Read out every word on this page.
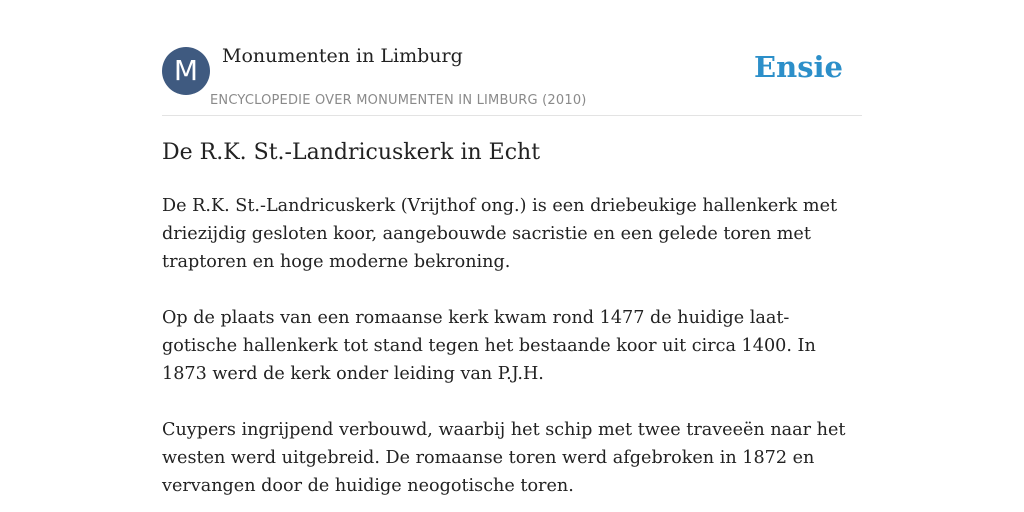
M	Monumenten in Limburg
ENCYCLOPEDIE OVER MONUMENTEN IN LIMBURG (2010)
Ensie
De R.K. St.-Landricuskerk in Echt

De R.K. St.-Landricuskerk (Vrijthof ong.) is een driebeukige hallenkerk met driezijdig gesloten koor, aangebouwde sacristie en een gelede toren met traptoren en hoge moderne bekroning.

Op de plaats van een romaanse kerk kwam rond 1477 de huidige laat-gotische hallenkerk tot stand tegen het bestaande koor uit circa 1400. In 1873 werd de kerk onder leiding van P.J.H.

Cuypers ingrijpend verbouwd, waarbij het schip met twee traveeën naar het westen werd uitgebreid. De romaanse toren werd afgebroken in 1872 en vervangen door de huidige neogotische toren.
